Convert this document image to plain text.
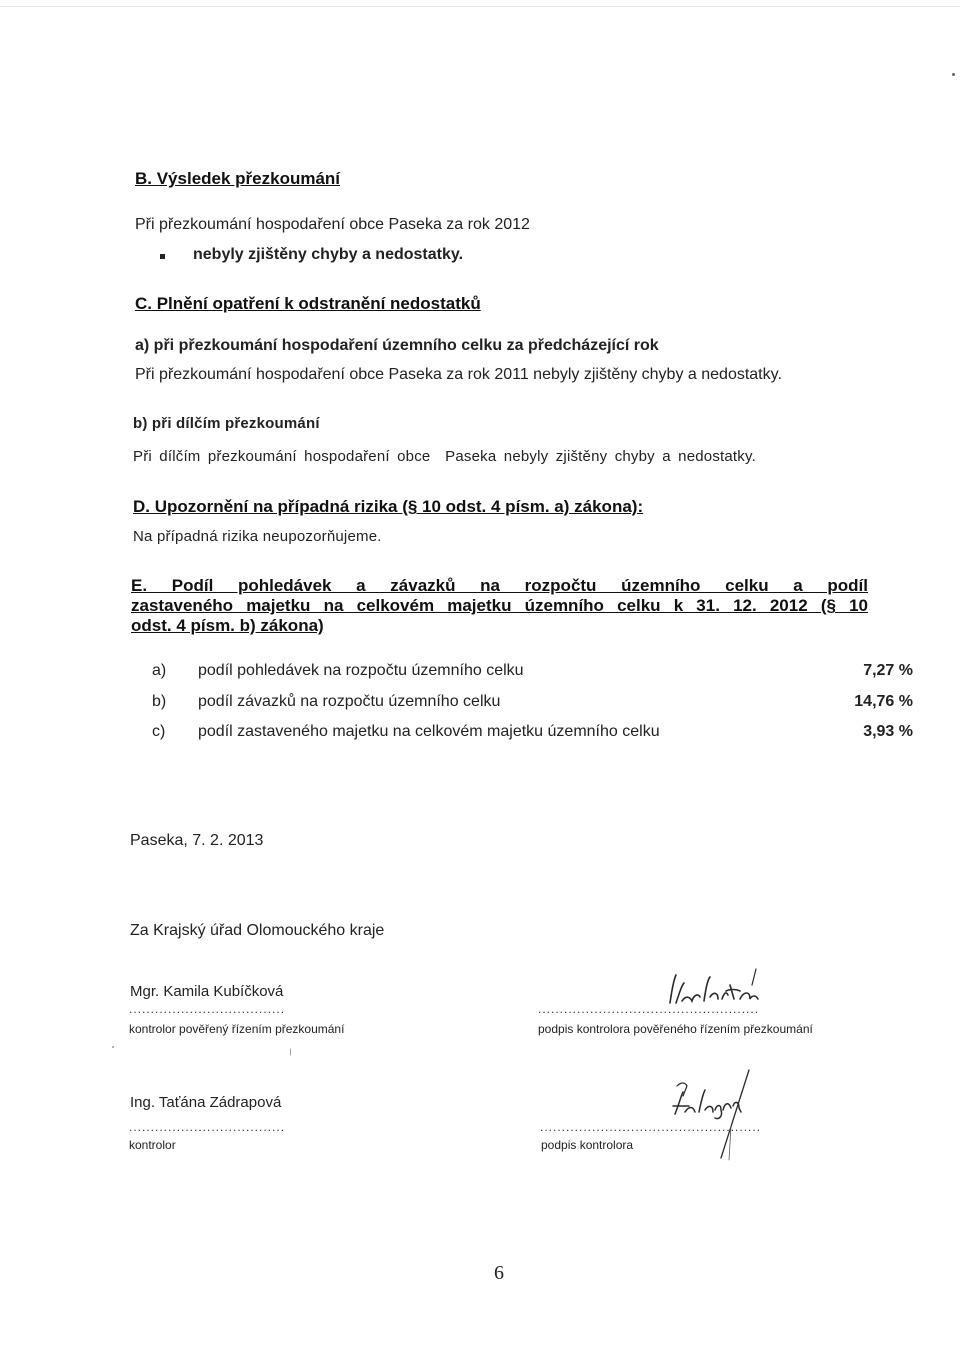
B. Výsledek přezkoumání
Při přezkoumání hospodaření obce Paseka za rok 2012
nebyly zjištěny chyby a nedostatky.
C. Plnění opatření k odstranění nedostatků
a) při přezkoumání hospodaření územního celku za předcházející rok
Při přezkoumání hospodaření obce Paseka za rok 2011 nebyly zjištěny chyby a nedostatky.
b) při dílčím přezkoumání
Při dílčím přezkoumání hospodaření obce  Paseka nebyly zjištěny chyby a nedostatky.
D. Upozornění na případná rizika (§ 10 odst. 4 písm. a) zákona):
Na případná rizika neupozorňujeme.
E. Podíl pohledávek a závazků na rozpočtu územního celku a podíl
zastaveného majetku na celkovém majetku územního celku k 31. 12. 2012 (§ 10
odst. 4 písm. b) zákona)
a) podíl pohledávek na rozpočtu územního celku	7,27 %
b) podíl závazků na rozpočtu územního celku	14,76 %
c) podíl zastaveného majetku na celkovém majetku územního celku	3,93 %
Paseka, 7. 2. 2013
Za Krajský úřad Olomouckého kraje
Mgr. Kamila Kubíčková
....................................
kontrolor pověřený řízením přezkoumání
...................................................
podpis kontrolora pověřeného řízením přezkoumání
Ing. Taťána Zádrapová
....................................
kontrolor
...................................................
podpis kontrolora
6
